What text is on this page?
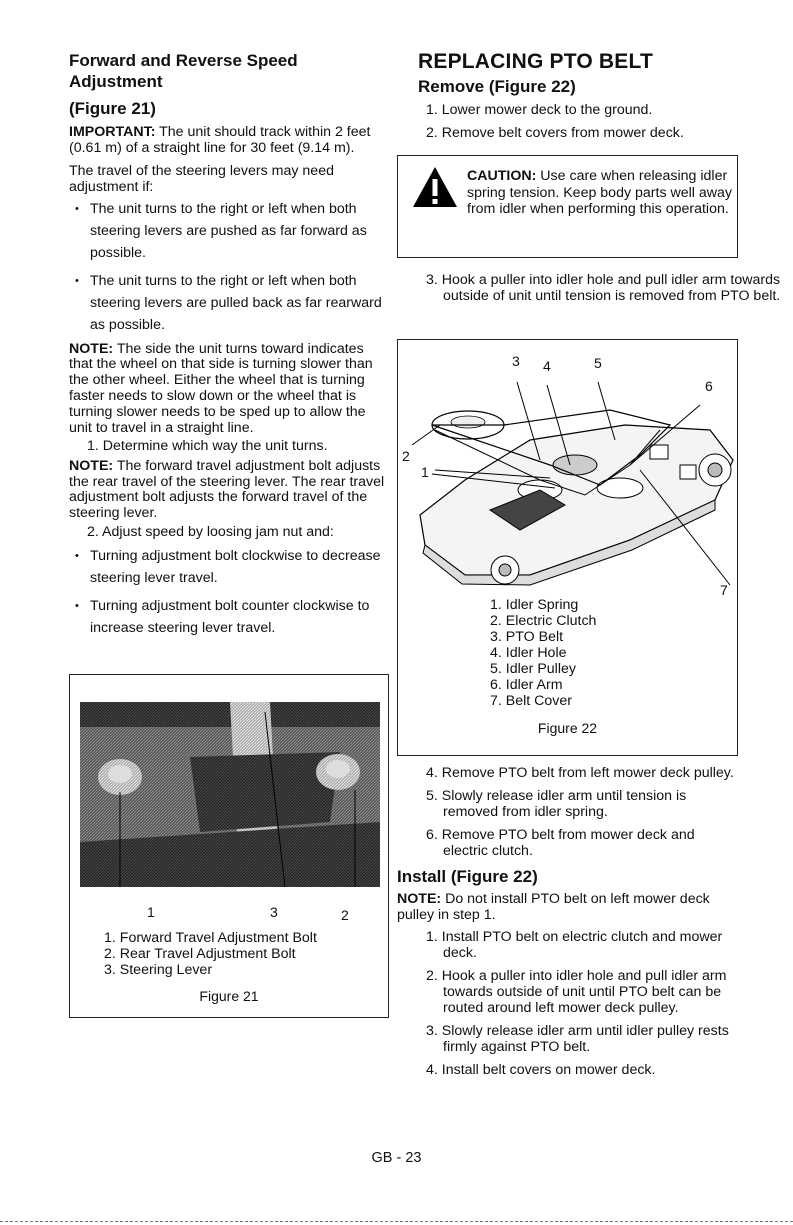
Forward and Reverse Speed Adjustment
(Figure 21)

IMPORTANT: The unit should track within 2 feet (0.61 m) of a straight line for 30 feet (9.14 m).

The travel of the steering levers may need adjustment if:

• The unit turns to the right or left when both steering levers are pushed as far forward as possible.
• The unit turns to the right or left when both steering levers are pulled back as far rearward as possible.

NOTE: The side the unit turns toward indicates that the wheel on that side is turning slower than the other wheel. Either the wheel that is turning faster needs to slow down or the wheel that is turning slower needs to be sped up to allow the unit to travel in a straight line.

1. Determine which way the unit turns.

NOTE: The forward travel adjustment bolt adjusts the rear travel of the steering lever. The rear travel adjustment bolt adjusts the forward travel of the steering lever.

2. Adjust speed by loosing jam nut and:

• Turning adjustment bolt clockwise to decrease steering lever travel.
• Turning adjustment bolt counter clockwise to increase steering lever travel.
1	3	2
1. Forward Travel Adjustment Bolt
2. Rear Travel Adjustment Bolt
3. Steering Lever
Figure 21
REPLACING PTO BELT
Remove (Figure 22)

1. Lower mower deck to the ground.

2. Remove belt covers from mower deck.

CAUTION: Use care when releasing idler spring tension. Keep body parts well away from idler when performing this operation.

3. Hook a puller into idler hole and pull idler arm towards outside of unit until tension is removed from PTO belt.

3 4	5
6
2
1
7
1. Idler Spring
2. Electric Clutch
3. PTO Belt
4. Idler Hole
5. Idler Pulley
6. Idler Arm
7. Belt Cover
Figure 22

4. Remove PTO belt from left mower deck pulley.

5. Slowly release idler arm until tension is removed from idler spring.

6. Remove PTO belt from mower deck and electric clutch.

Install (Figure 22)

NOTE: Do not install PTO belt on left mower deck pulley in step 1.

1. Install PTO belt on electric clutch and mower deck.

2. Hook a puller into idler hole and pull idler arm towards outside of unit until PTO belt can be routed around left mower deck pulley.

3. Slowly release idler arm until idler pulley rests firmly against PTO belt.

4. Install belt covers on mower deck.

GB - 23
